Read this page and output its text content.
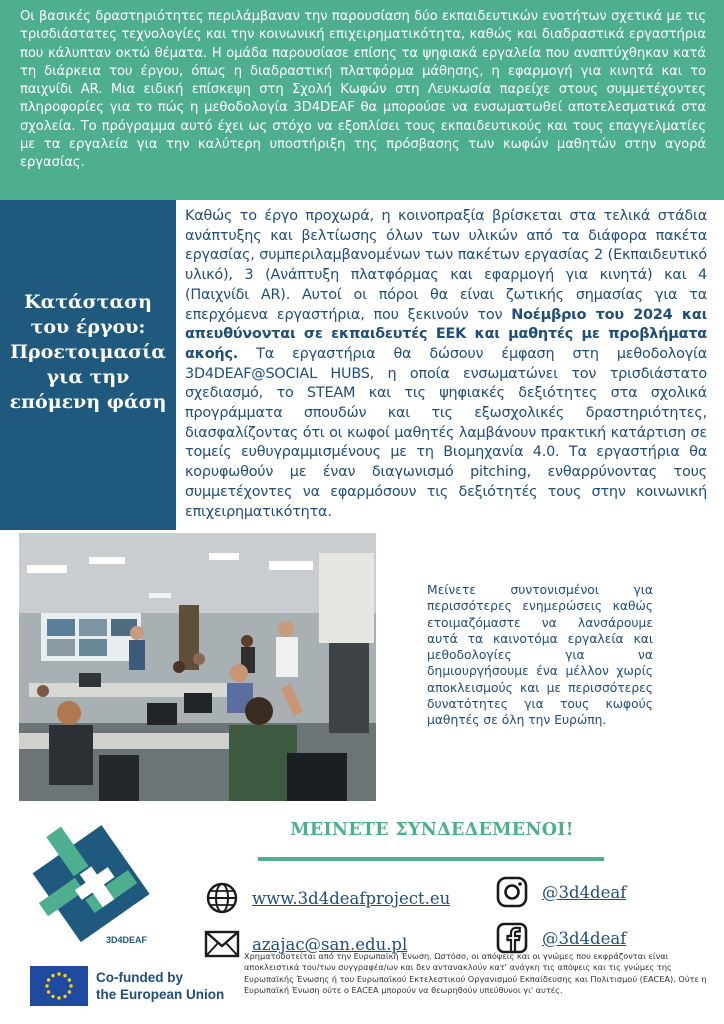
Οι βασικές δραστηριότητες περιλάμβαναν την παρουσίαση δύο εκπαιδευτικών ενοτήτων σχετικά με τις τρισδιάστατες τεχνολογίες και την κοινωνική επιχειρηματικότητα, καθώς και διαδραστικά εργαστήρια που κάλυπταν οκτώ θέματα. Η ομάδα παρουσίασε επίσης τα ψηφιακά εργαλεία που αναπτύχθηκαν κατά τη διάρκεια του έργου, όπως η διαδραστική πλατφόρμα μάθησης, η εφαρμογή για κινητά και το παιχνίδι AR. Μια ειδική επίσκεψη στη Σχολή Κωφών στη Λευκωσία παρείχε στους συμμετέχοντες πληροφορίες για το πώς η μεθοδολογία 3D4DEAF θα μπορούσε να ενσωματωθεί αποτελεσματικά στα σχολεία. Το πρόγραμμα αυτό έχει ως στόχο να εξοπλίσει τους εκπαιδευτικούς και τους επαγγελματίες με τα εργαλεία για την καλύτερη υποστήριξη της πρόσβασης των κωφών μαθητών στην αγορά εργασίας.

Κατάσταση
του έργου:
Προετοιμασία
για την
επόμενη φάση

Καθώς το έργο προχωρά, η κοινοπραξία βρίσκεται στα τελικά στάδια ανάπτυξης και βελτίωσης όλων των υλικών από τα διάφορα πακέτα εργασίας, συμπεριλαμβανομένων των πακέτων εργασίας 2 (Εκπαιδευτικό υλικό), 3 (Ανάπτυξη πλατφόρμας και εφαρμογή για κινητά) και 4 (Παιχνίδι AR). Αυτοί οι πόροι θα είναι ζωτικής σημασίας για τα επερχόμενα εργαστήρια, που ξεκινούν τον Νοέμβριο του 2024 και απευθύνονται σε εκπαιδευτές ΕΕΚ και μαθητές με προβλήματα ακοής. Τα εργαστήρια θα δώσουν έμφαση στη μεθοδολογία 3D4DEAF@SOCIAL HUBS, η οποία ενσωματώνει τον τρισδιάστατο σχεδιασμό, το STEAM και τις ψηφιακές δεξιότητες στα σχολικά προγράμματα σπουδών και τις εξωσχολικές δραστηριότητες, διασφαλίζοντας ότι οι κωφοί μαθητές λαμβάνουν πρακτική κατάρτιση σε τομείς ευθυγραμμισμένους με τη Βιομηχανία 4.0. Τα εργαστήρια θα κορυφωθούν με έναν διαγωνισμό pitching, ενθαρρύνοντας τους συμμετέχοντες να εφαρμόσουν τις δεξιότητές τους στην κοινωνική επιχειρηματικότητα.

Μείνετε συντονισμένοι για περισσότερες ενημερώσεις καθώς ετοιμαζόμαστε να λανσάρουμε αυτά τα καινοτόμα εργαλεία και μεθοδολογίες για να δημιουργήσουμε ένα μέλλον χωρίς αποκλεισμούς και με περισσότερες δυνατότητες για τους κωφούς μαθητές σε όλη την Ευρώπη.

3D4DEAF
ΜΕΙΝΕΤΕ ΣΥΝΔΕΔΕΜΕΝΟΙ!
www.3d4deafproject.eu
azajac@san.edu.pl
@3d4deaf
@3d4deaf
Co-funded by
the European Union

Χρηματοδοτείται από την Ευρωπαϊκή Ένωση. Ωστόσο, οι απόψεις και οι γνώμες που εκφράζονται είναι αποκλειστικά του/των συγγραφέα/ων και δεν αντανακλούν κατ' ανάγκη τις απόψεις και τις γνώμες της Ευρωπαϊκής Ένωσης ή του Ευρωπαϊκού Εκτελεστικού Οργανισμού Εκπαίδευσης και Πολιτισμού (EACEA). Ούτε η Ευρωπαϊκή Ένωση ούτε ο EACEA μπορούν να θεωρηθούν υπεύθυνοι γι' αυτές.
